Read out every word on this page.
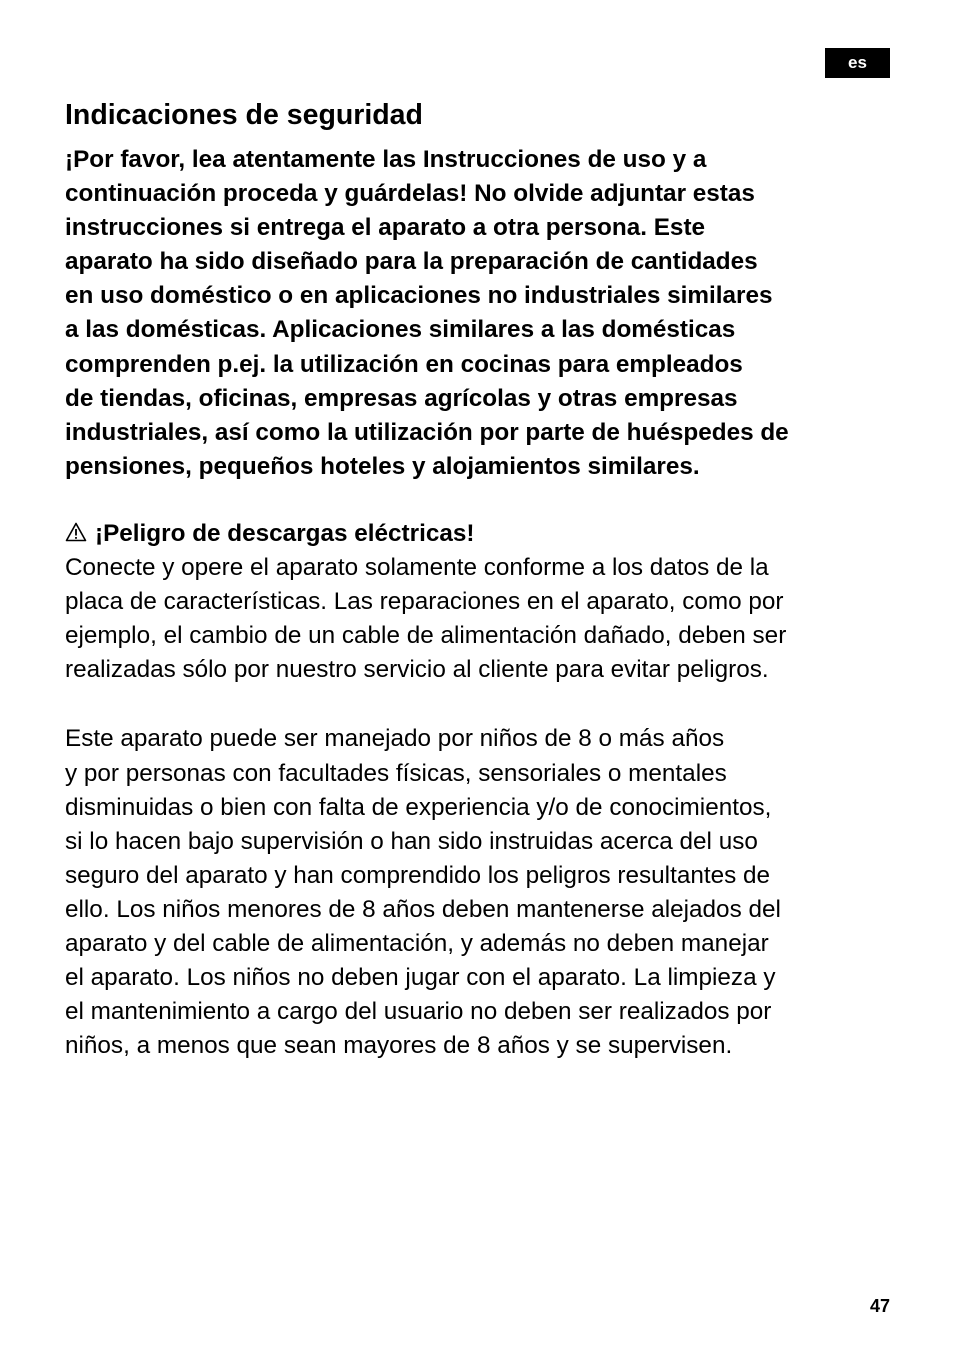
es
Indicaciones de seguridad

¡Por favor, lea atentamente las Instrucciones de uso y a
continuación proceda y guárdelas! No olvide adjuntar estas
instrucciones si entrega el aparato a otra persona. Este
aparato ha sido diseñado para la preparación de cantidades
en uso doméstico o en aplicaciones no industriales similares
a las domésticas. Aplicaciones similares a las domésticas
comprenden p.ej. la utilización en cocinas para empleados
de tiendas, oficinas, empresas agrícolas y otras empresas
industriales, así como la utilización por parte de huéspedes de
pensiones, pequeños hoteles y alojamientos similares.

¡Peligro de descargas eléctricas!
Conecte y opere el aparato solamente conforme a los datos de la
placa de características. Las reparaciones en el aparato, como por
ejemplo, el cambio de un cable de alimentación dañado, deben ser
realizadas sólo por nuestro servicio al cliente para evitar peligros.

Este aparato puede ser manejado por niños de 8 o más años
y por personas con facultades físicas, sensoriales o mentales
disminuidas o bien con falta de experiencia y/o de conocimientos,
si lo hacen bajo supervisión o han sido instruidas acerca del uso
seguro del aparato y han comprendido los peligros resultantes de
ello. Los niños menores de 8 años deben mantenerse alejados del
aparato y del cable de alimentación, y además no deben manejar
el aparato. Los niños no deben jugar con el aparato. La limpieza y
el mantenimiento a cargo del usuario no deben ser realizados por
niños, a menos que sean mayores de 8 años y se supervisen.

47
